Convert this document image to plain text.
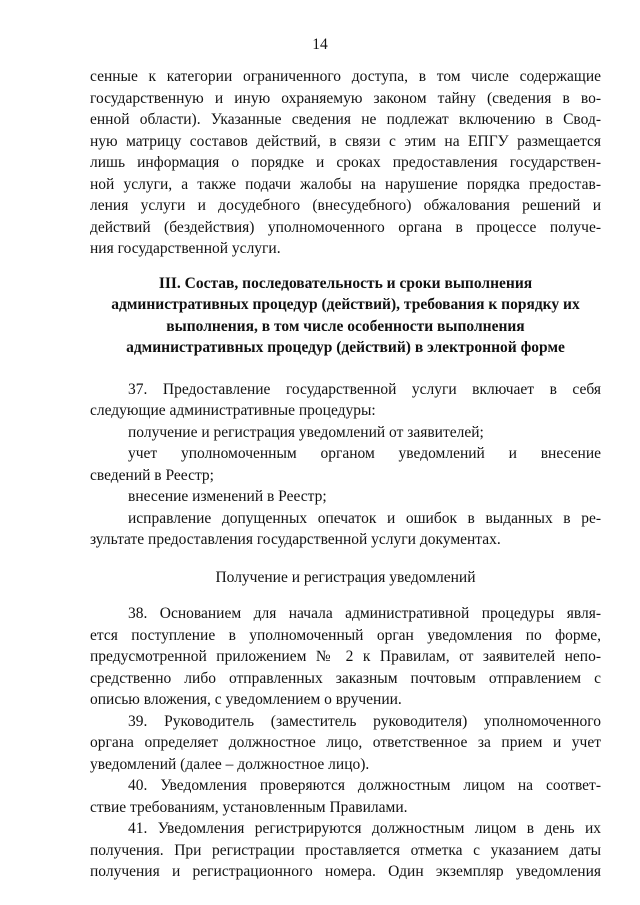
14
сенные к категории ограниченного доступа, в том числе содержащие
государственную и иную охраняемую законом тайну (сведения в во-
енной области). Указанные сведения не подлежат включению в Свод-
ную матрицу составов действий, в связи с этим на ЕПГУ размещается
лишь информация о порядке и сроках предоставления государствен-
ной услуги, а также подачи жалобы на нарушение порядка предостав-
ления услуги и досудебного (внесудебного) обжалования решений и
действий (бездействия) уполномоченного органа в процессе получе-
ния государственной услуги.
III. Состав, последовательность и сроки выполнения
административных процедур (действий), требования к порядку их
выполнения, в том числе особенности выполнения
административных процедур (действий) в электронной форме
37. Предоставление государственной услуги включает в себя
следующие административные процедуры:
получение и регистрация уведомлений от заявителей;
учет уполномоченным органом уведомлений и внесение
сведений в Реестр;
внесение изменений в Реестр;
исправление допущенных опечаток и ошибок в выданных в ре-
зультате предоставления государственной услуги документах.
Получение и регистрация уведомлений
38. Основанием для начала административной процедуры явля-
ется поступление в уполномоченный орган уведомления по форме,
предусмотренной приложением № 2 к Правилам, от заявителей непо-
средственно либо отправленных заказным почтовым отправлением с
описью вложения, с уведомлением о вручении.
39. Руководитель (заместитель руководителя) уполномоченного
органа определяет должностное лицо, ответственное за прием и учет
уведомлений (далее – должностное лицо).
40. Уведомления проверяются должностным лицом на соответ-
ствие требованиям, установленным Правилами.
41. Уведомления регистрируются должностным лицом в день их
получения. При регистрации проставляется отметка с указанием даты
получения и регистрационного номера. Один экземпляр уведомления
